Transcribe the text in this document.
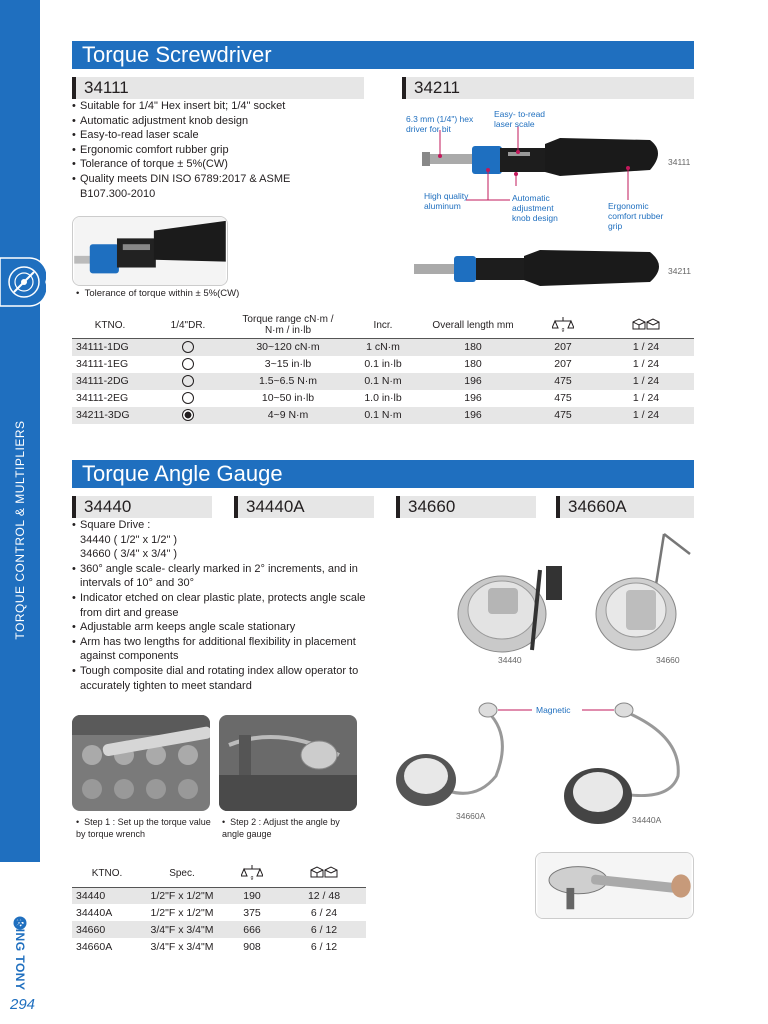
TORQUE CONTROL & MULTIPLIERS
KING TONY
294
Torque Screwdriver
34111	34211
• Suitable for 1/4" Hex insert bit; 1/4" socket
• Automatic adjustment knob design
• Easy-to-read laser scale
• Ergonomic comfort rubber grip
• Tolerance of torque ± 5%(CW)
• Quality meets DIN ISO 6789:2017 & ASME
B107.300-2010
•  Tolerance of torque within ± 5%(CW)
6.3 mm (1/4") hex driver for bit
Easy- to-read laser scale
High quality aluminum
Automatic adjustment knob design
Ergonomic comfort rubber grip
34111
34211
KTNO.	1/4"DR.	Torque range cN·m / N·m / in·lb	Incr.	Overall length mm	g

34111-1DG		30~120 cN·m	1 cN·m	180	207	1 / 24
34111-1EG		3~15 in·lb	0.1 in·lb	180	207	1 / 24
34111-2DG		1.5~6.5 N·m	0.1 N·m	196	475	1 / 24
34111-2EG		10~50 in·lb	1.0 in·lb	196	475	1 / 24
34211-3DG		4~9 N·m	0.1 N·m	196	475	1 / 24
Torque Angle Gauge
34440	34440A	34660	34660A
• Square Drive :
34440 ( 1/2" x 1/2" )
34660 ( 3/4" x 3/4" )
• 360° angle scale- clearly marked in 2° increments, and in
intervals of 10° and 30°
• Indicator etched on clear plastic plate, protects angle scale
from dirt and grease
• Adjustable arm keeps angle scale stationary
• Arm has two lengths for additional flexibility in placement
against components
• Tough composite dial and rotating index allow operator to
accurately tighten to meet standard
34440	34660
•  Step 1 : Set up the torque value by torque wrench
•  Step 2 : Adjust the angle by angle gauge
Magnetic
34660A	34440A
KTNO.	Spec.	g

34440	1/2"F x 1/2"M	190	12 / 48
34440A	1/2"F x 1/2"M	375	6 / 24
34660	3/4"F x 3/4"M	666	6 / 12
34660A	3/4"F x 3/4"M	908	6 / 12
